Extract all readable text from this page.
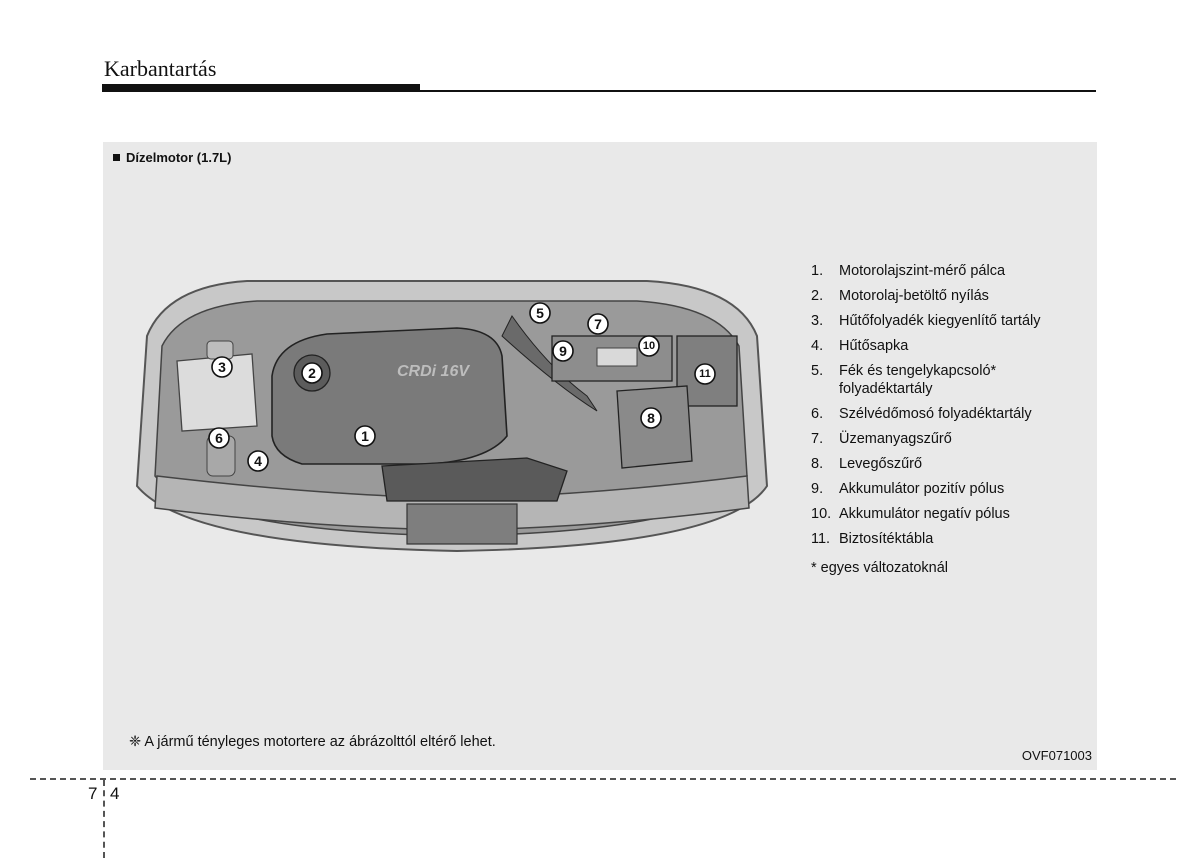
Karbantartás
Dízelmotor (1.7L)
CRDi 16V
1
2
3
4
5
6
7
9	10
11
8
1.	Motorolajszint-mérő pálca
2.	Motorolaj-betöltő nyílás
3.	Hűtőfolyadék kiegyenlítő tartály
4.	Hűtősapka
5.	Fék és tengelykapcsoló* folyadéktartály
6.	Szélvédőmosó folyadéktartály
7.	Üzemanyagszűrő
8.	Levegőszűrő
9.	Akkumulátor pozitív pólus
10. Akkumulátor negatív pólus
11. Biztosítéktábla
* egyes változatoknál
❈ A jármű tényleges motortere az ábrázolttól eltérő lehet.
OVF071003
7 4
